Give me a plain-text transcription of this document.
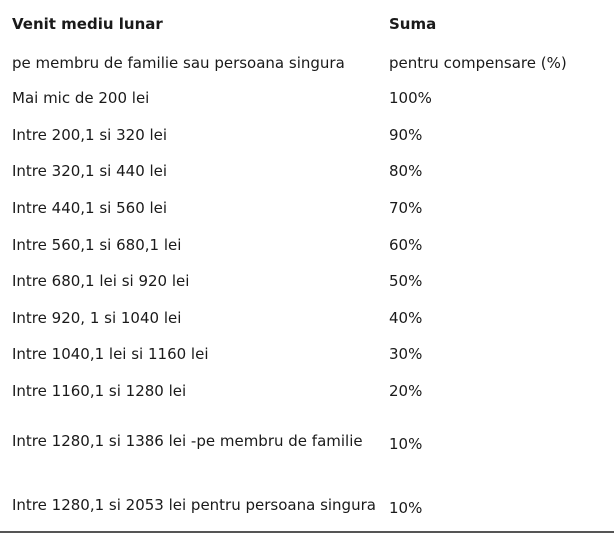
Venit mediu lunar	Suma
pe membru de familie sau persoana singura	pentru compensare (%)
Mai mic de 200 lei	100%
Intre 200,1 si 320 lei	90%
Intre 320,1 si 440 lei	80%
Intre 440,1 si 560 lei	70%
Intre 560,1 si 680,1 lei	60%
Intre 680,1 lei si 920 lei	50%
Intre 920, 1 si 1040 lei	40%
Intre 1040,1 lei si 1160 lei	30%
Intre 1160,1 si 1280 lei	20%
Intre 1280,1 si 1386 lei -pe membru de familie	10%
Intre 1280,1 si 2053 lei pentru persoana singura	10%
